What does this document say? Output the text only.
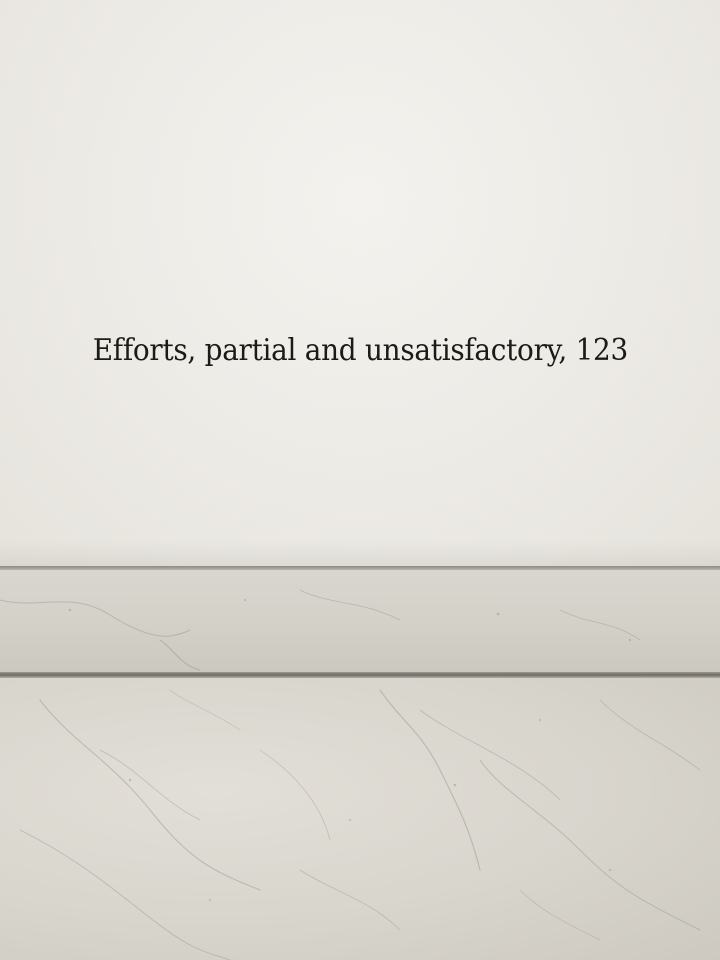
Efforts, partial and unsatisfactory, 123
